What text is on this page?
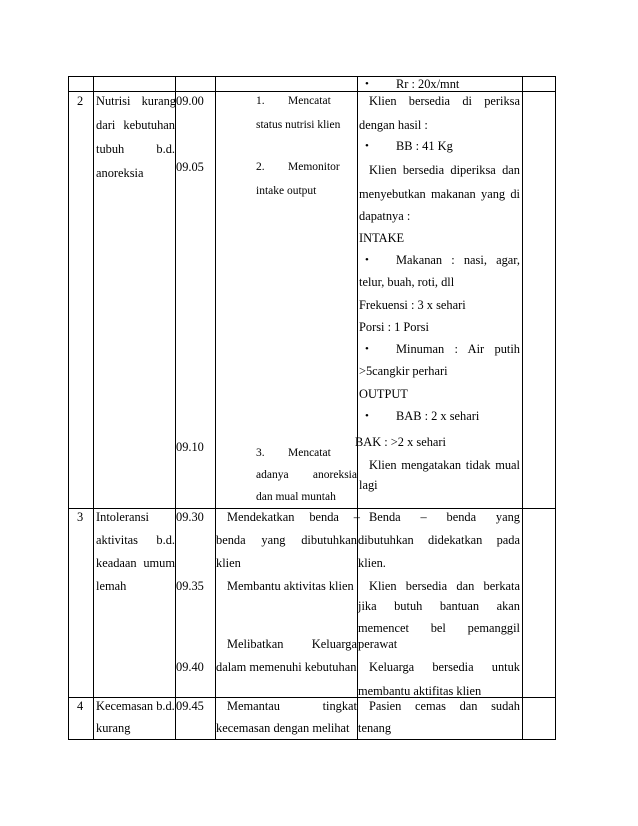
• Rr : 20x/mnt
2 Nutrisi kurang
dari kebutuhan
tubuh b.d.
anoreksia
09.00
09.05
09.10
1. Mencatat
status nutrisi klien
2. Memonitor
intake output
3. Mencatat
adanya anoreksia
dan mual muntah
Klien bersedia di periksa
dengan hasil :
• BB : 41 Kg
Klien bersedia diperiksa dan
menyebutkan makanan yang di
dapatnya :
INTAKE
• Makanan : nasi, agar,
telur, buah, roti, dll
Frekuensi : 3 x sehari
Porsi : 1 Porsi
• Minuman : Air putih
>5cangkir perhari
OUTPUT
• BAB : 2 x sehari
BAK : >2 x sehari
Klien mengatakan tidak mual
lagi
3 Intoleransi
aktivitas b.d.
keadaan umum
lemah
09.30
09.35
09.40
Mendekatkan benda –
benda yang dibutuhkan
klien
Membantu aktivitas klien
Melibatkan Keluarga
dalam memenuhi kebutuhan
Benda – benda yang
dibutuhkan didekatkan pada
klien.
Klien bersedia dan berkata
jika butuh bantuan akan
memencet bel pemanggil
perawat
Keluarga bersedia untuk
membantu aktifitas klien
4 Kecemasan b.d.
kurang
09.45 Memantau tingkat
kecemasan dengan melihat
Pasien cemas dan sudah
tenang
